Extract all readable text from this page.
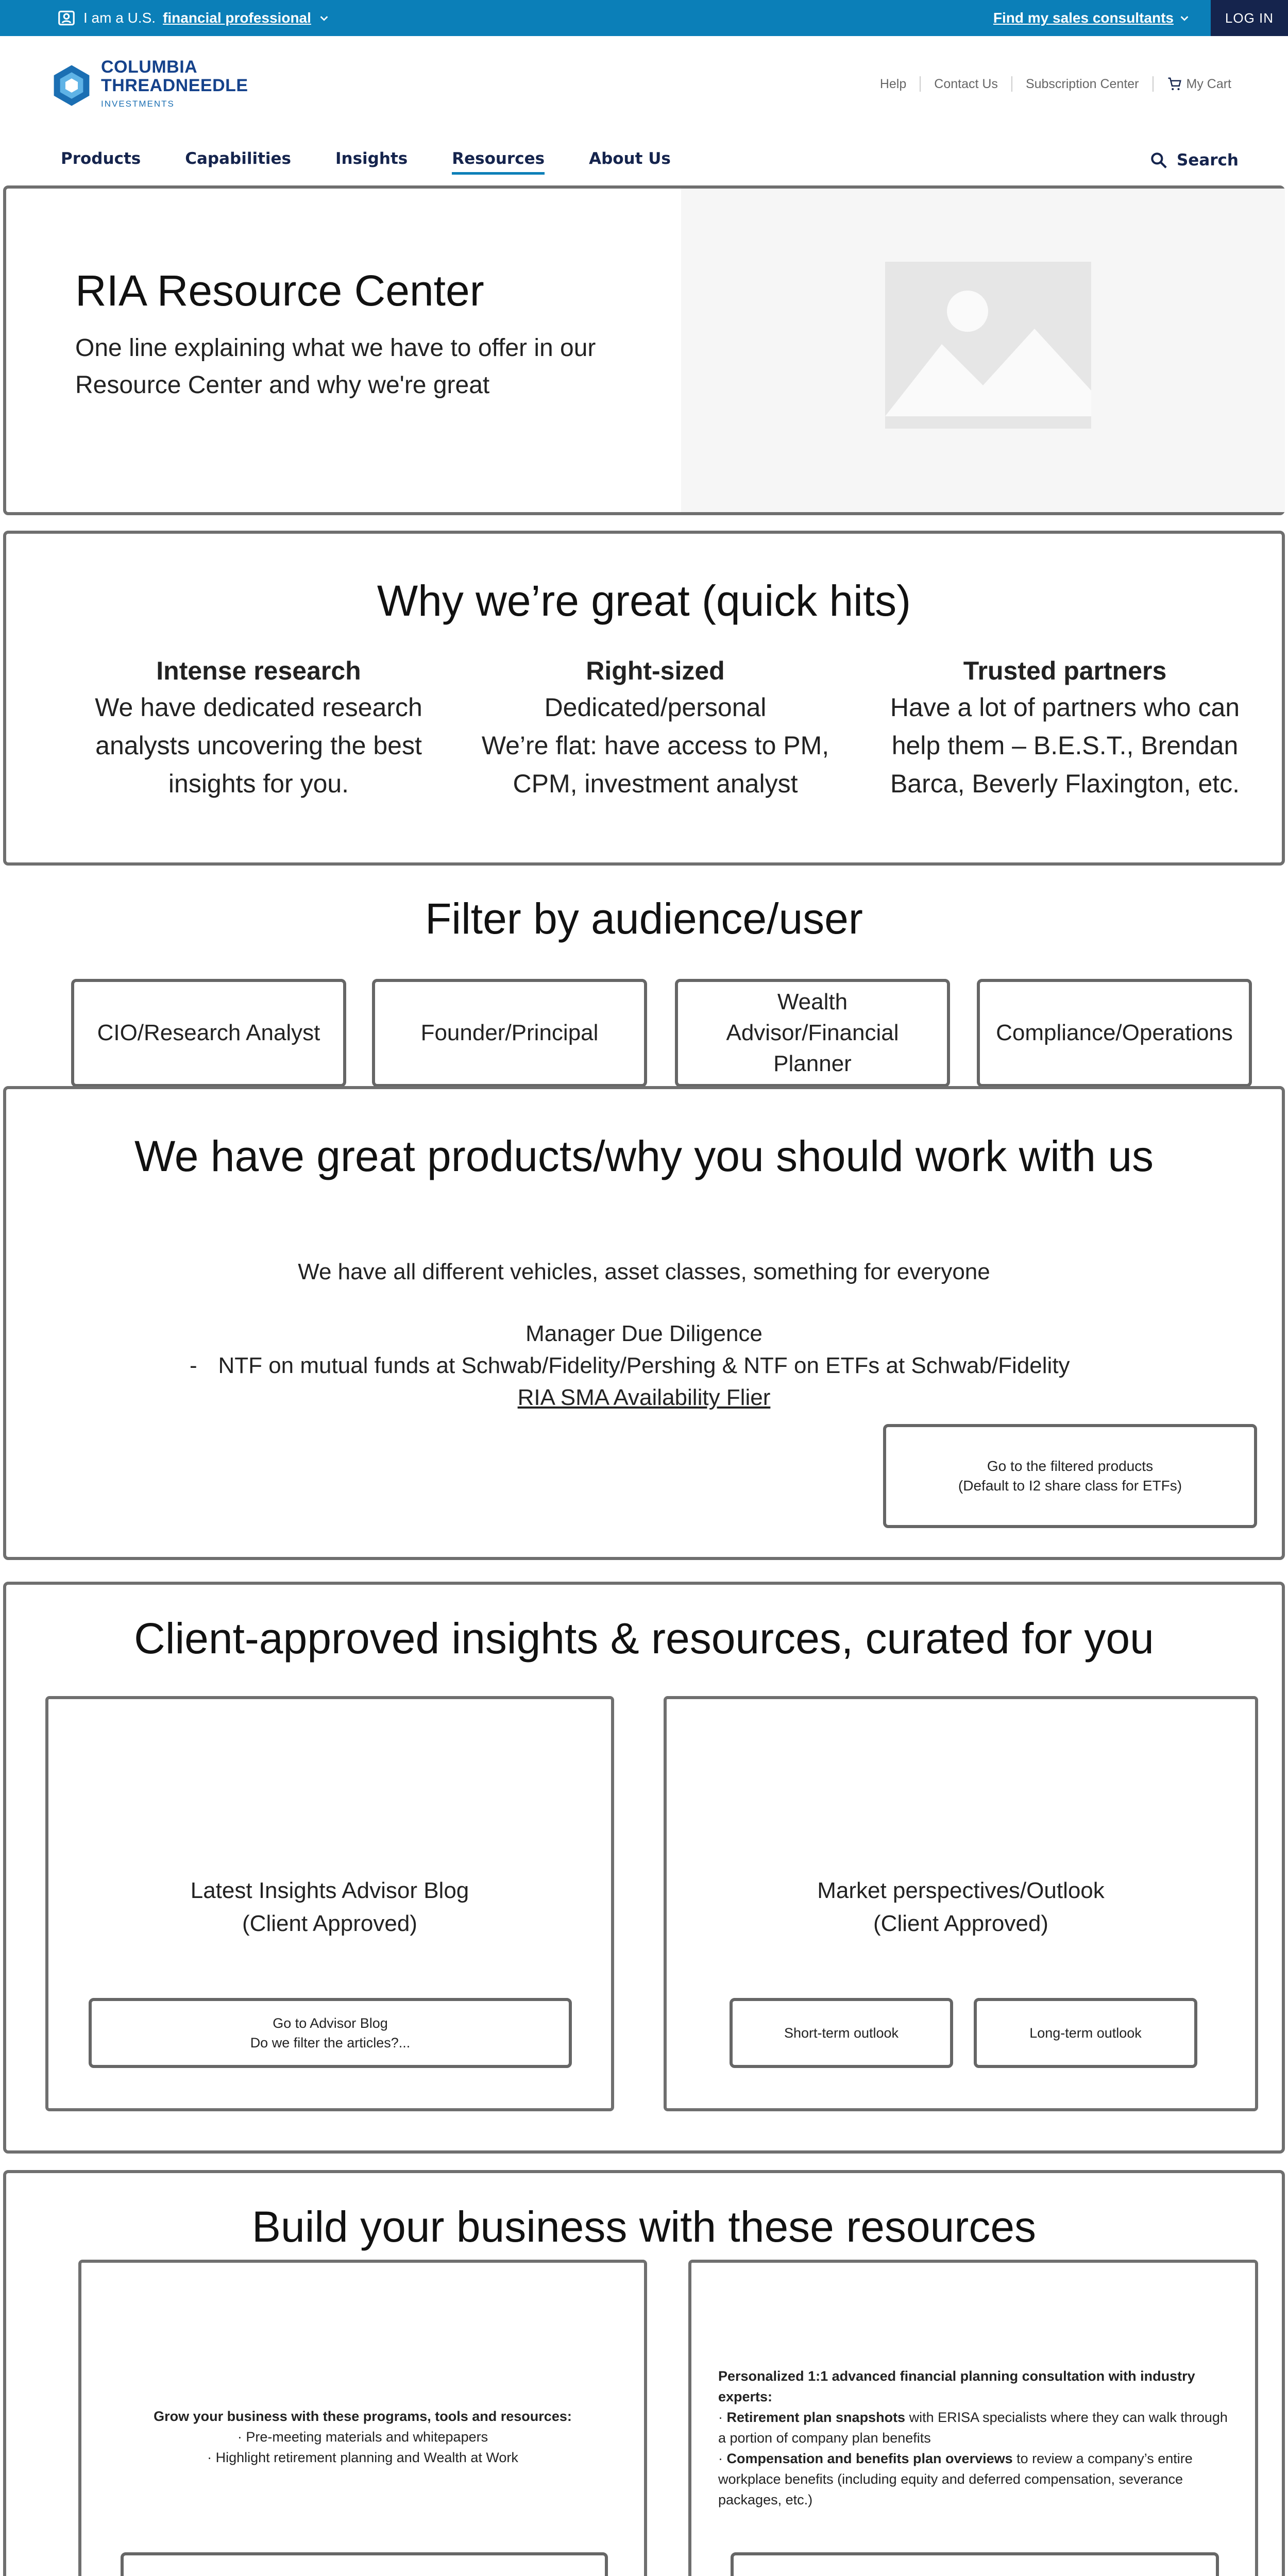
I am a U.S. financial professional	Find my sales consultants	LOG IN
COLUMBIA
THREADNEEDLE
INVESTMENTS
Help Contact Us Subscription Center	My Cart
Products	Capabilities	Insights	Resources	About Us	Search
RIA Resource Center
One line explaining what we have to offer in our Resource Center and why we're great
Why we’re great (quick hits)
Intense research
We have dedicated research analysts uncovering the best insights for you.
Right-sized
Dedicated/personal
We’re flat: have access to PM, CPM, investment analyst
Trusted partners
Have a lot of partners who can help them – B.E.S.T., Brendan Barca, Beverly Flaxington, etc.
Filter by audience/user
CIO/Research Analyst	Founder/Principal
Wealth Advisor/Financial Planner
Compliance/Operations
We have great products/why you should work with us
We have all different vehicles, asset classes, something for everyone
Manager Due Diligence
- NTF on mutual funds at Schwab/Fidelity/Pershing & NTF on ETFs at Schwab/Fidelity
RIA SMA Availability Flier
Go to the filtered products
(Default to I2 share class for ETFs)
Client-approved insights & resources, curated for you
Latest Insights Advisor Blog
(Client Approved)
Go to Advisor Blog
Do we filter the articles?...
Market perspectives/Outlook
(Client Approved)
Short-term outlook	Long-term outlook
Build your business with these resources
Grow your business with these programs, tools and resources:
· Pre-meeting materials and whitepapers
· Highlight retirement planning and Wealth at Work
Personalized 1:1 advanced financial planning consultation with industry experts:
· Retirement plan snapshots with ERISA specialists where they can walk through a portion of company plan benefits
· Compensation and benefits plan overviews to review a company’s entire workplace benefits (including equity and deferred compensation, severance packages, etc.)
